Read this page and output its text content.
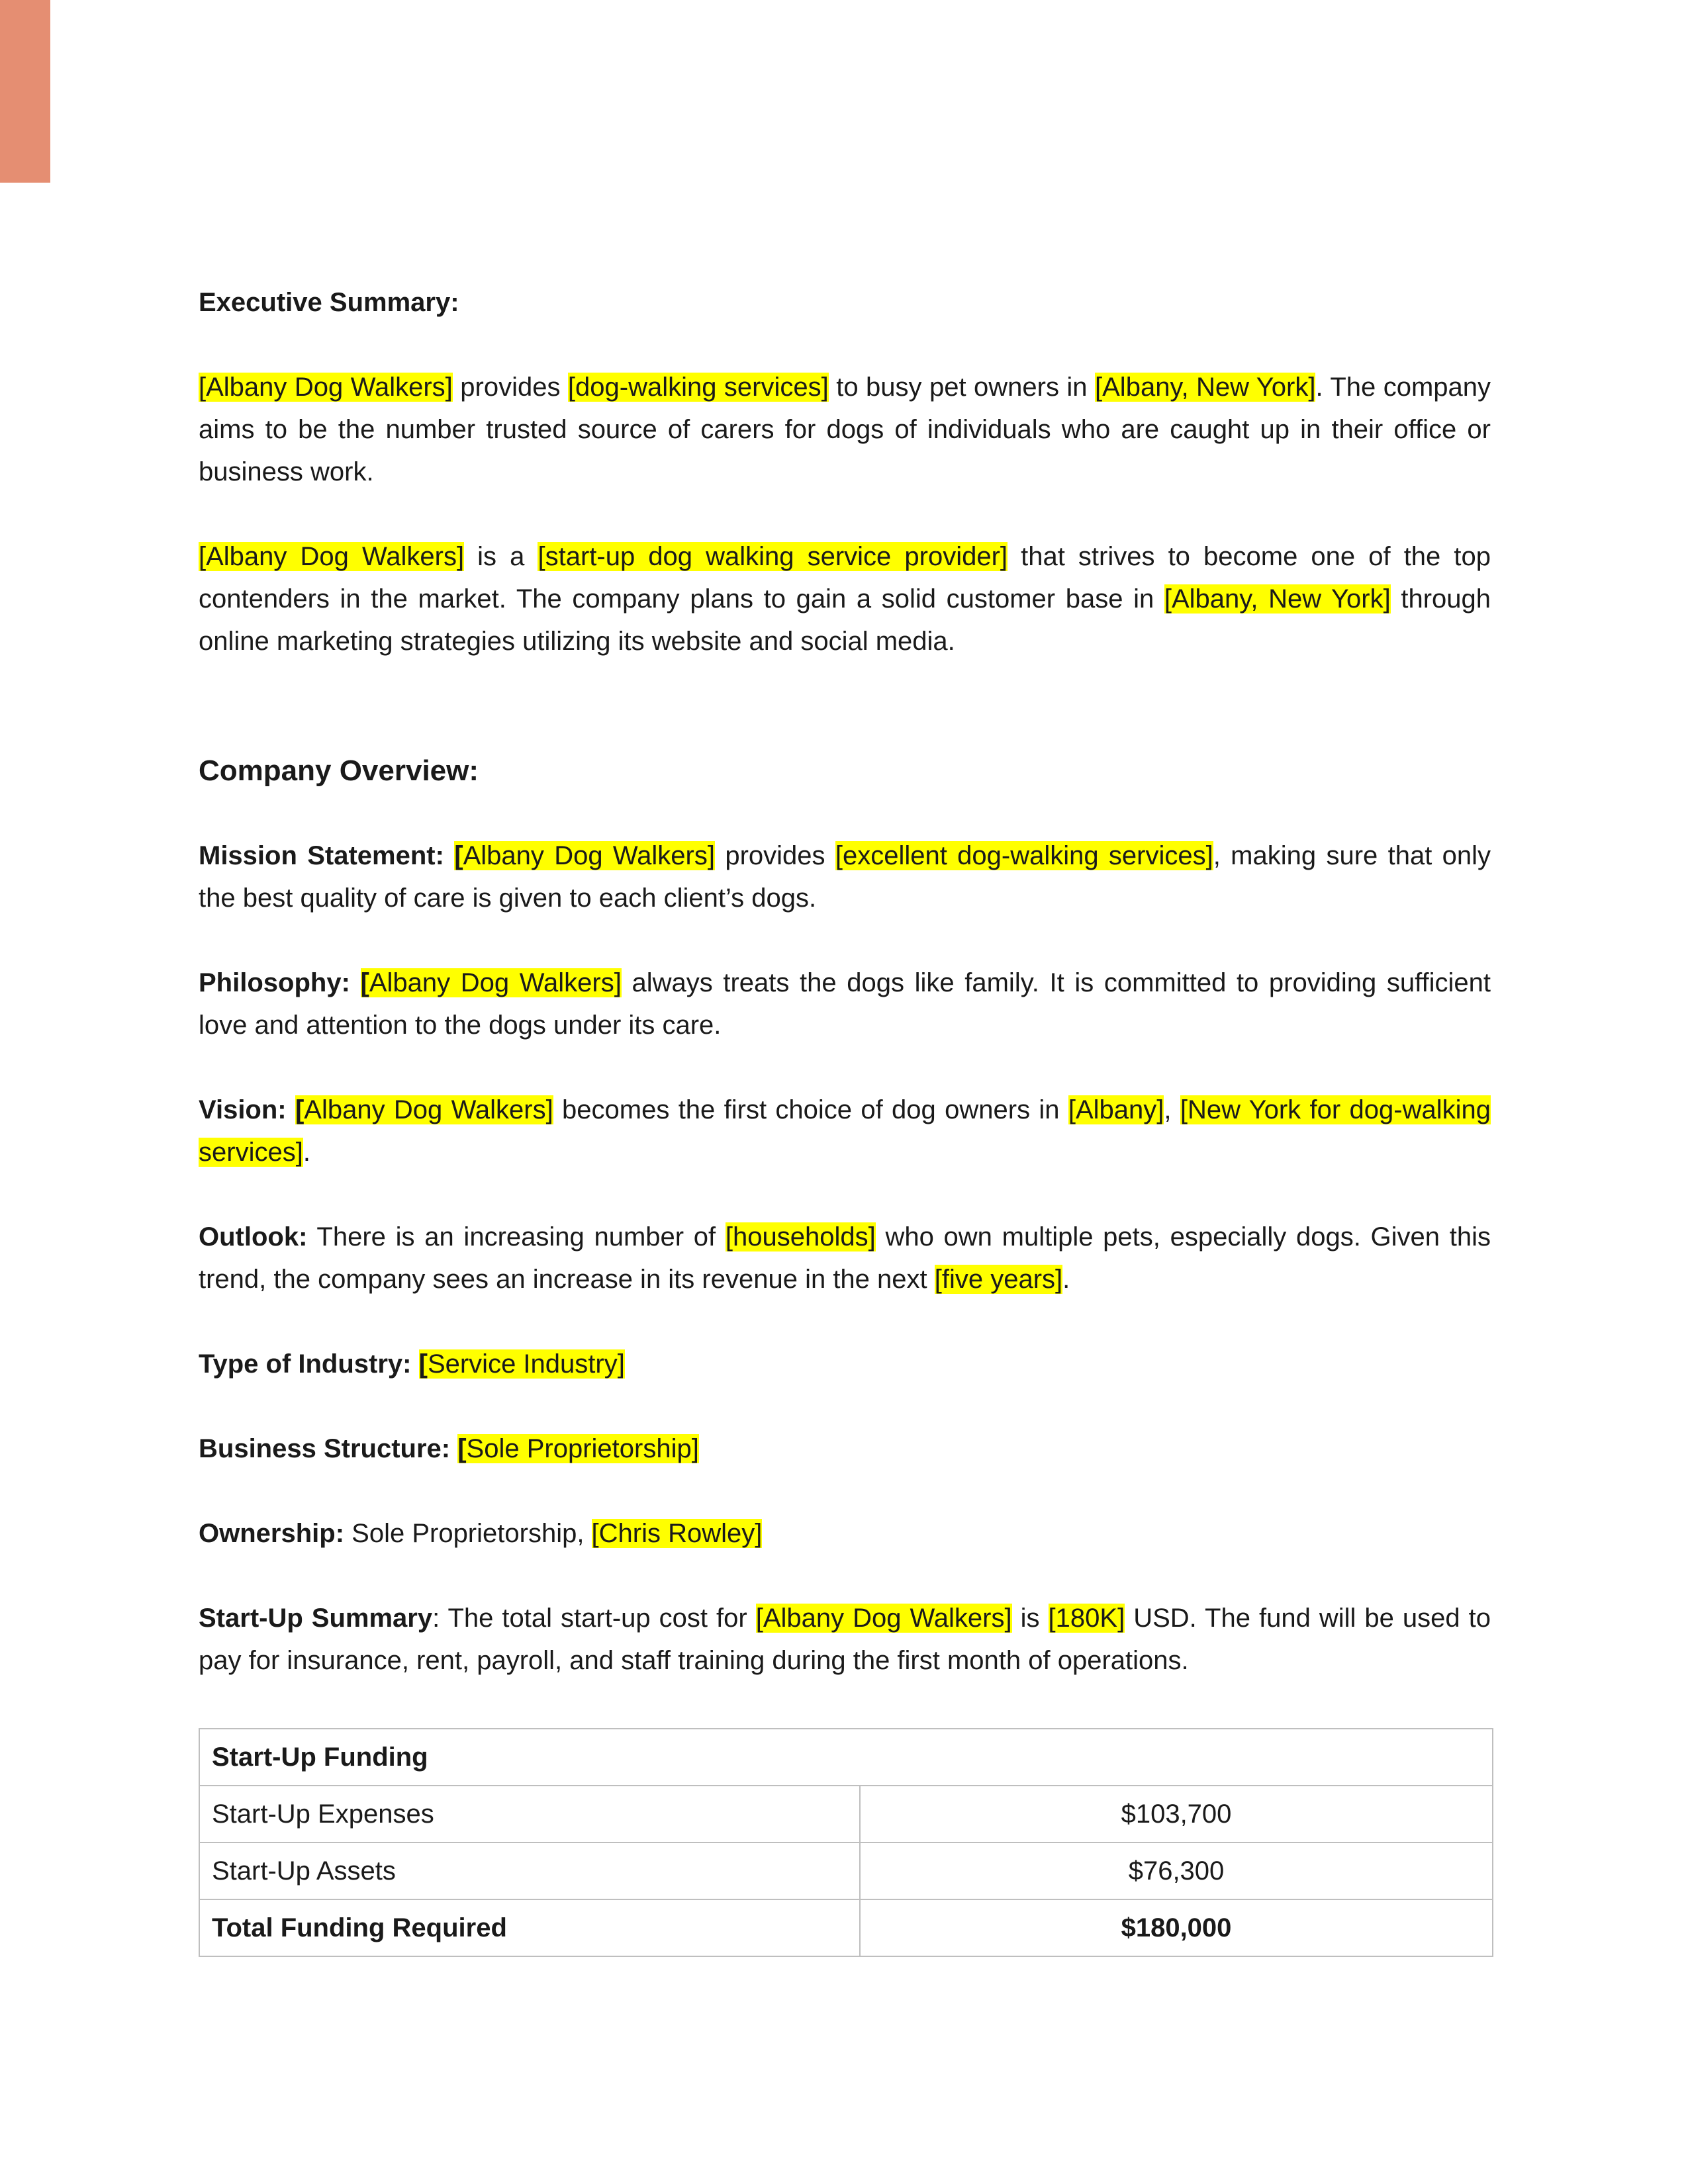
Executive Summary:

[Albany Dog Walkers] provides [dog-walking services] to busy pet owners in [Albany, New York]. The company aims to be the number trusted source of carers for dogs of individuals who are caught up in their office or business work.

[Albany Dog Walkers] is a [start-up dog walking service provider] that strives to become one of the top contenders in the market. The company plans to gain a solid customer base in [Albany, New York] through online marketing strategies utilizing its website and social media.

Company Overview:

Mission Statement: [Albany Dog Walkers] provides [excellent dog-walking services], making sure that only the best quality of care is given to each client’s dogs.

Philosophy: [Albany Dog Walkers] always treats the dogs like family. It is committed to providing sufficient love and attention to the dogs under its care.

Vision: [Albany Dog Walkers] becomes the first choice of dog owners in [Albany], [New York for dog-walking services].

Outlook: There is an increasing number of [households] who own multiple pets, especially dogs. Given this trend, the company sees an increase in its revenue in the next [five years].

Type of Industry: [Service Industry]

Business Structure: [Sole Proprietorship]

Ownership: Sole Proprietorship, [Chris Rowley]

Start-Up Summary: The total start-up cost for [Albany Dog Walkers] is [180K] USD. The fund will be used to pay for insurance, rent, payroll, and staff training during the first month of operations.

Start-Up Funding	
Start-Up Expenses	$103,700
Start-Up Assets	$76,300
Total Funding Required	$180,000
